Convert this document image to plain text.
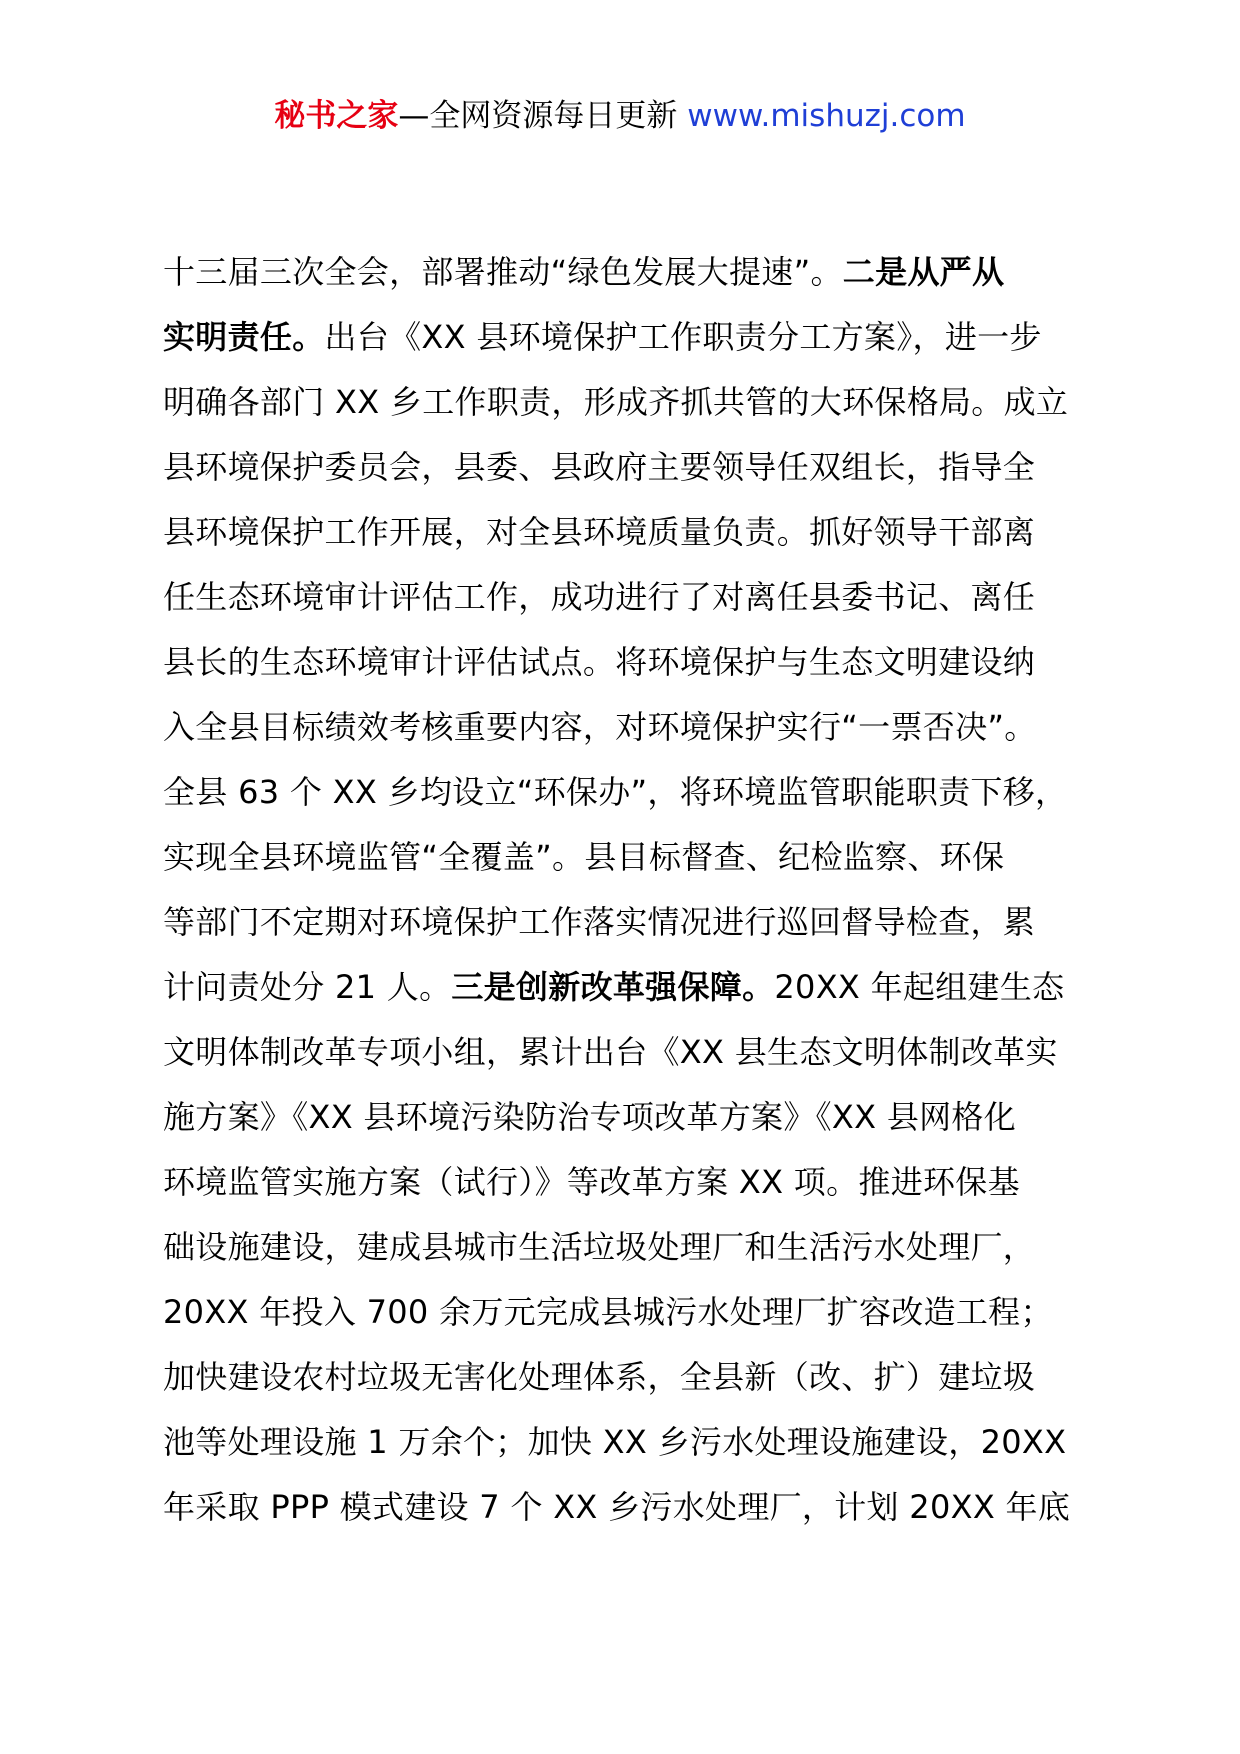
秘书之家—全网资源每日更新 www.mishuzj.com
十三届三次全会，部署推动“绿色发展大提速”。二是从严从
实明责任。出台《XX 县环境保护工作职责分工方案》，进一步
明确各部门 XX 乡工作职责，形成齐抓共管的大环保格局。成立
县环境保护委员会，县委、县政府主要领导任双组长，指导全
县环境保护工作开展，对全县环境质量负责。抓好领导干部离
任生态环境审计评估工作，成功进行了对离任县委书记、离任
县长的生态环境审计评估试点。将环境保护与生态文明建设纳
入全县目标绩效考核重要内容，对环境保护实行“一票否决”。
全县 63 个 XX 乡均设立“环保办”，将环境监管职能职责下移，
实现全县环境监管“全覆盖”。县目标督查、纪检监察、环保
等部门不定期对环境保护工作落实情况进行巡回督导检查，累
计问责处分 21 人。三是创新改革强保障。20XX 年起组建生态
文明体制改革专项小组，累计出台《XX 县生态文明体制改革实
施方案》《XX 县环境污染防治专项改革方案》《XX 县网格化
环境监管实施方案（试行）》等改革方案 XX 项。推进环保基
础设施建设，建成县城市生活垃圾处理厂和生活污水处理厂，
20XX 年投入 700 余万元完成县城污水处理厂扩容改造工程；
加快建设农村垃圾无害化处理体系，全县新（改、扩）建垃圾
池等处理设施 1 万余个；加快 XX 乡污水处理设施建设，20XX
年采取 PPP 模式建设 7 个 XX 乡污水处理厂，计划 20XX 年底
